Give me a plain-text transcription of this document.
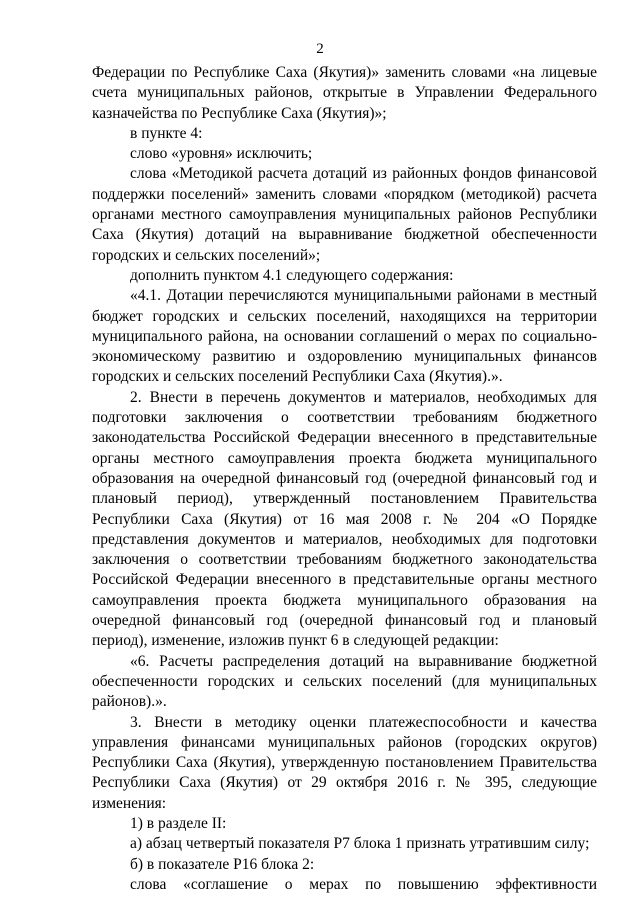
2

Федерации по Республике Саха (Якутия)» заменить словами «на лицевые счета муниципальных районов, открытые в Управлении Федерального казначейства по Республике Саха (Якутия)»;

в пункте 4:

слово «уровня» исключить;

слова «Методикой расчета дотаций из районных фондов финансовой поддержки поселений» заменить словами «порядком (методикой) расчета органами местного самоуправления муниципальных районов Республики Саха (Якутия) дотаций на выравнивание бюджетной обеспеченности городских и сельских поселений»;

дополнить пунктом 4.1 следующего содержания:

«4.1. Дотации перечисляются муниципальными районами в местный бюджет городских и сельских поселений, находящихся на территории муниципального района, на основании соглашений о мерах по социально-экономическому развитию и оздоровлению муниципальных финансов городских и сельских поселений Республики Саха (Якутия).».

2. Внести в перечень документов и материалов, необходимых для подготовки заключения о соответствии требованиям бюджетного законодательства Российской Федерации внесенного в представительные органы местного самоуправления проекта бюджета муниципального образования на очередной финансовый год (очередной финансовый год и плановый период), утвержденный постановлением Правительства Республики Саха (Якутия) от 16 мая 2008 г. № 204 «О Порядке представления документов и материалов, необходимых для подготовки заключения о соответствии требованиям бюджетного законодательства Российской Федерации внесенного в представительные органы местного самоуправления проекта бюджета муниципального образования на очередной финансовый год (очередной финансовый год и плановый период), изменение, изложив пункт 6 в следующей редакции:

«6. Расчеты распределения дотаций на выравнивание бюджетной обеспеченности городских и сельских поселений (для муниципальных районов).».

3. Внести в методику оценки платежеспособности и качества управления финансами муниципальных районов (городских округов) Республики Саха (Якутия), утвержденную постановлением Правительства Республики Саха (Якутия) от 29 октября 2016 г. № 395, следующие изменения:

1) в разделе II:

а) абзац четвертый показателя Р7 блока 1 признать утратившим силу;

б) в показателе Р16 блока 2:

слова «соглашение о мерах по повышению эффективности
